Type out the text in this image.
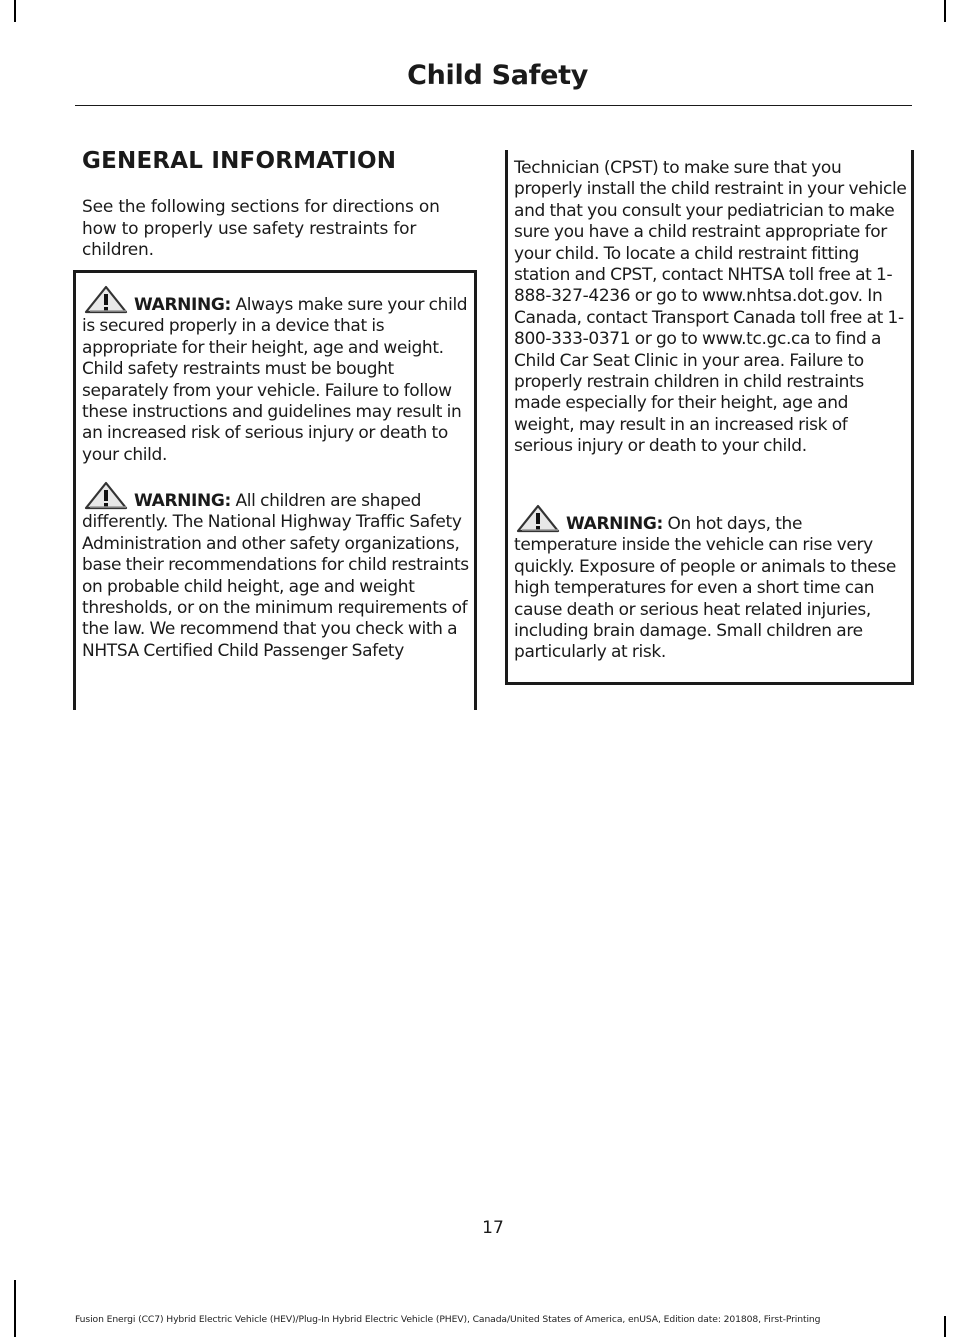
Child Safety
GENERAL INFORMATION
See the following sections for directions on how to properly use safety restraints for children.
WARNING: Always make sure your child is secured properly in a device that is appropriate for their height, age and weight. Child safety restraints must be bought separately from your vehicle. Failure to follow these instructions and guidelines may result in an increased risk of serious injury or death to your child.
WARNING: All children are shaped differently. The National Highway Traffic Safety Administration and other safety organizations, base their recommendations for child restraints on probable child height, age and weight thresholds, or on the minimum requirements of the law. We recommend that you check with a NHTSA Certified Child Passenger Safety
Technician (CPST) to make sure that you properly install the child restraint in your vehicle and that you consult your pediatrician to make sure you have a child restraint appropriate for your child. To locate a child restraint fitting station and CPST, contact NHTSA toll free at 1-888-327-4236 or go to www.nhtsa.dot.gov. In Canada, contact Transport Canada toll free at 1-800-333-0371 or go to www.tc.gc.ca to find a Child Car Seat Clinic in your area. Failure to properly restrain children in child restraints made especially for their height, age and weight, may result in an increased risk of serious injury or death to your child.
WARNING: On hot days, the temperature inside the vehicle can rise very quickly. Exposure of people or animals to these high temperatures for even a short time can cause death or serious heat related injuries, including brain damage. Small children are particularly at risk.
17
Fusion Energi (CC7) Hybrid Electric Vehicle (HEV)/Plug-In Hybrid Electric Vehicle (PHEV), Canada/United States of America, enUSA, Edition date: 201808, First-Printing
